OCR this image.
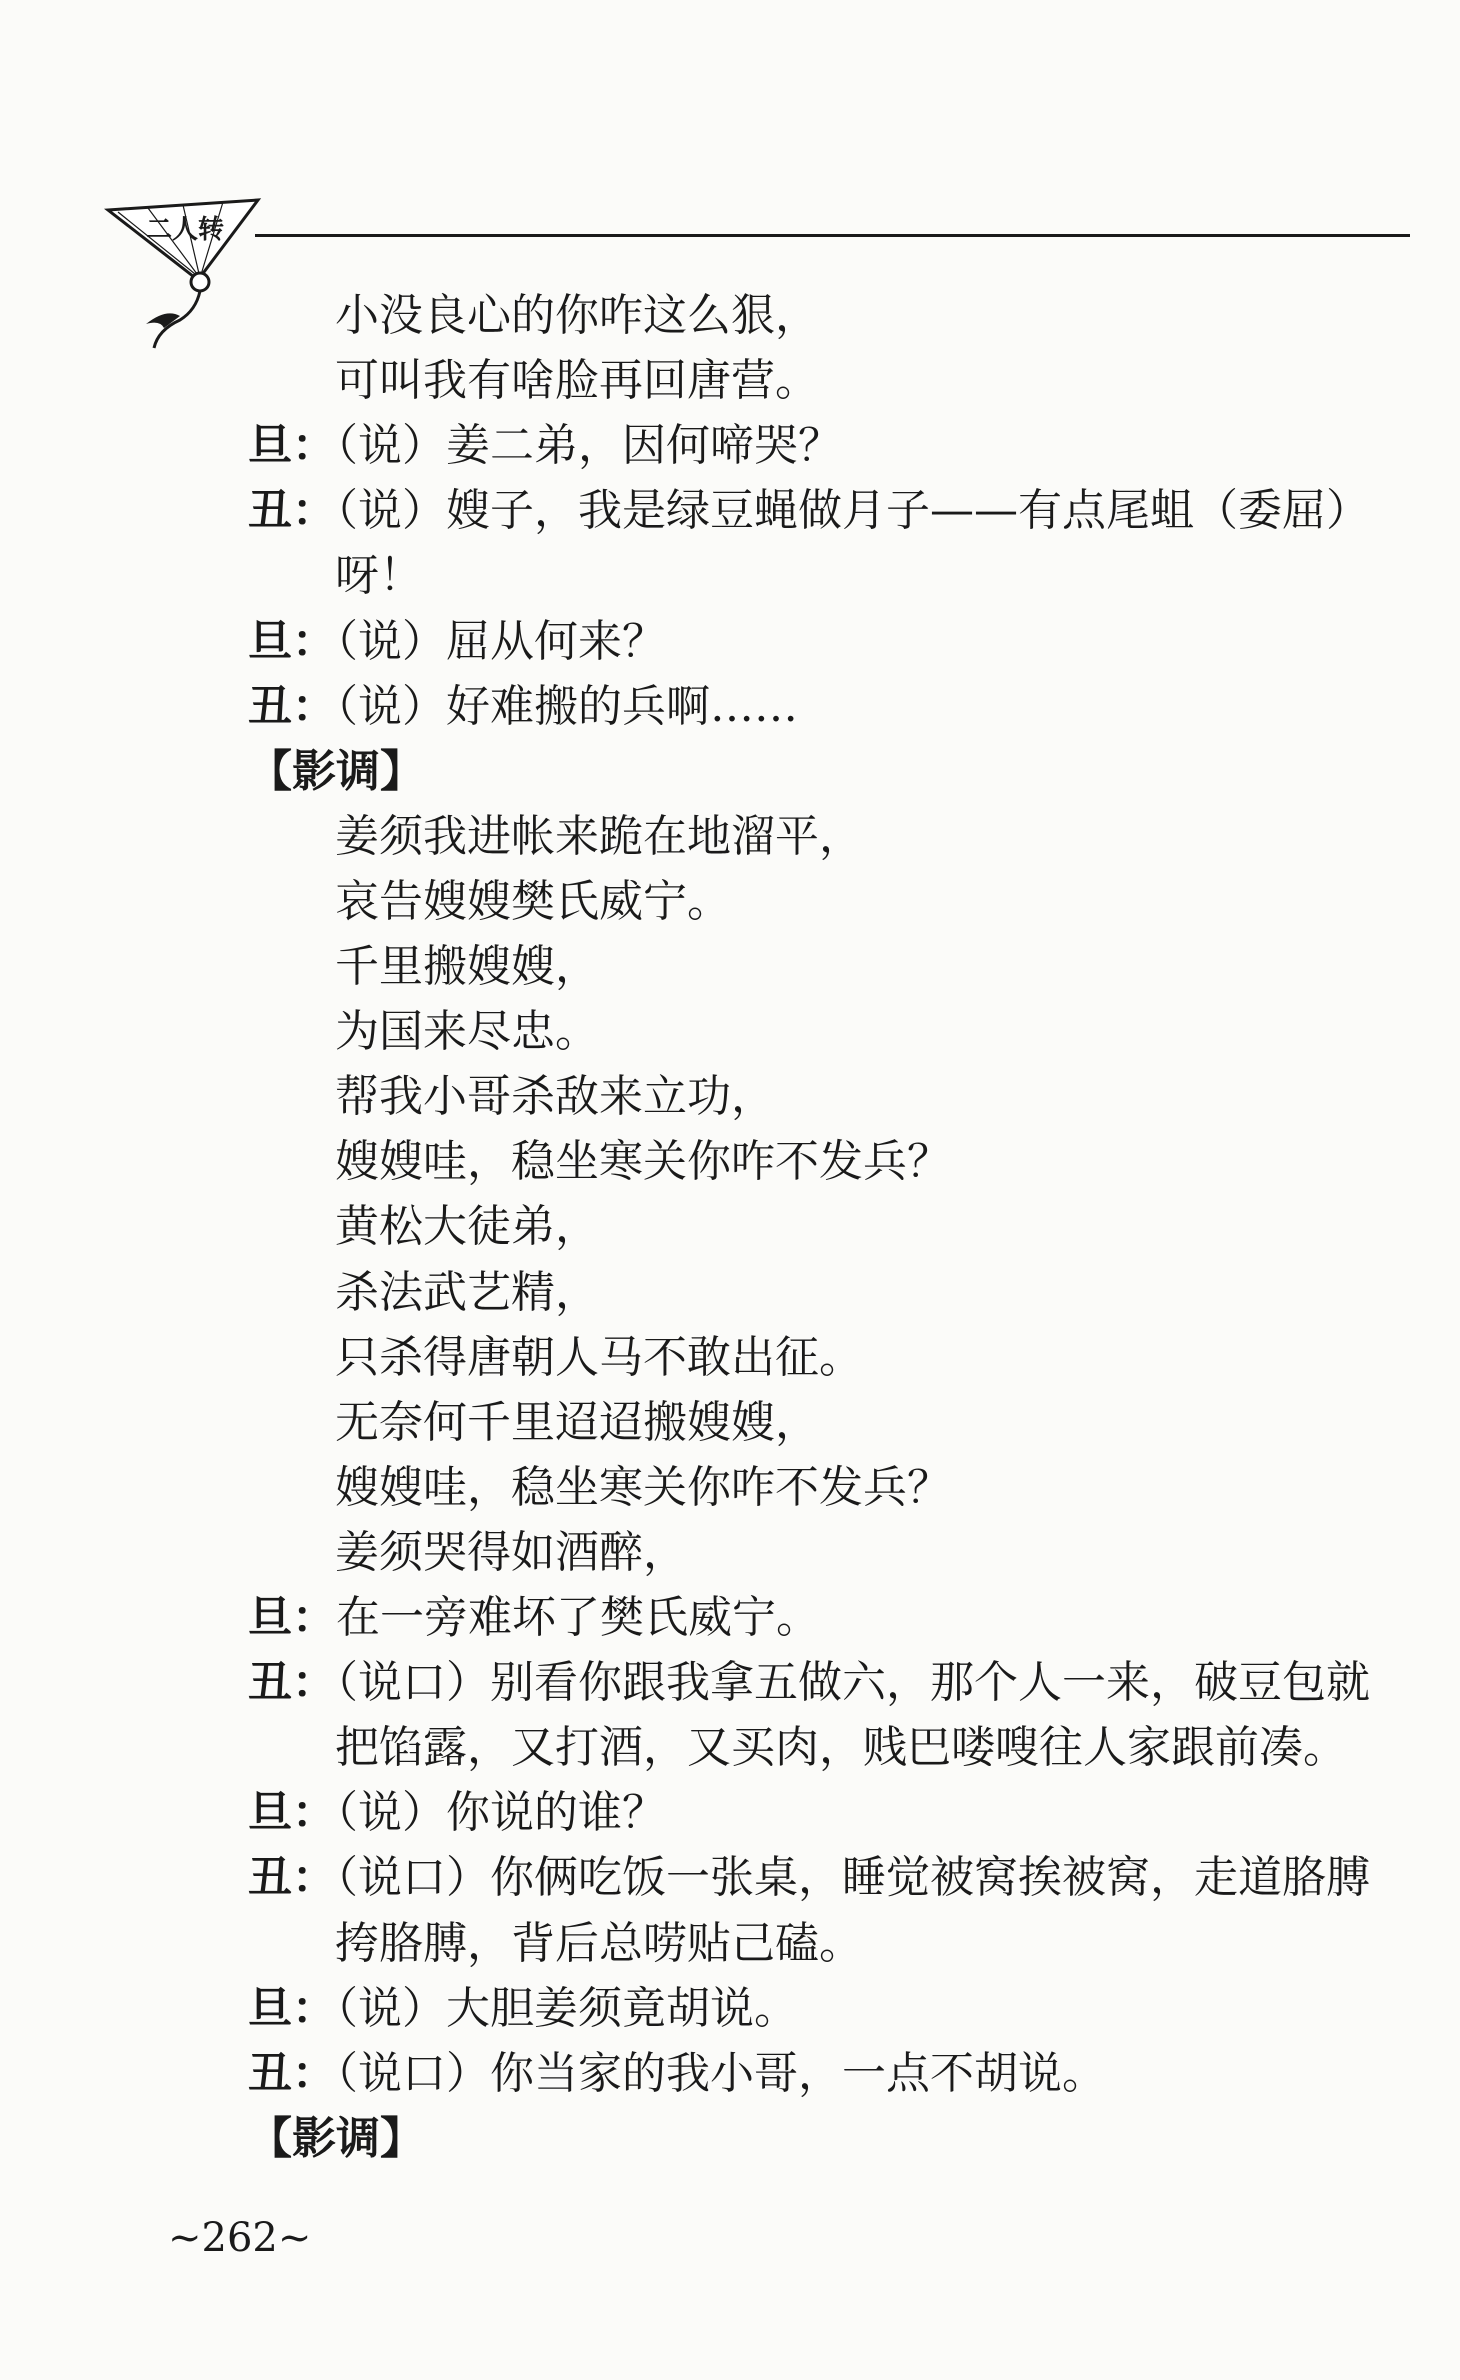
二人转
小没良心的你咋这么狠，
可叫我有啥脸再回唐营。
旦：（说）姜二弟，因何啼哭？
丑：（说）嫂子，我是绿豆蝇做月子——有点尾蛆（委屈）
呀！
旦：（说）屈从何来？
丑：（说）好难搬的兵啊……
【影调】
姜须我进帐来跪在地溜平，
哀告嫂嫂樊氏威宁。
千里搬嫂嫂，
为国来尽忠。
帮我小哥杀敌来立功，
嫂嫂哇，稳坐寒关你咋不发兵？
黄松大徒弟，
杀法武艺精，
只杀得唐朝人马不敢出征。
无奈何千里迢迢搬嫂嫂，
嫂嫂哇，稳坐寒关你咋不发兵？
姜须哭得如酒醉，
旦：在一旁难坏了樊氏威宁。
丑：（说口）别看你跟我拿五做六，那个人一来，破豆包就
把馅露，又打酒，又买肉，贱巴喽嗖往人家跟前凑。
旦：（说）你说的谁？
丑：（说口）你俩吃饭一张桌，睡觉被窝挨被窝，走道胳膊
挎胳膊，背后总唠贴己磕。
旦：（说）大胆姜须竟胡说。
丑：（说口）你当家的我小哥，一点不胡说。
【影调】
~262~
